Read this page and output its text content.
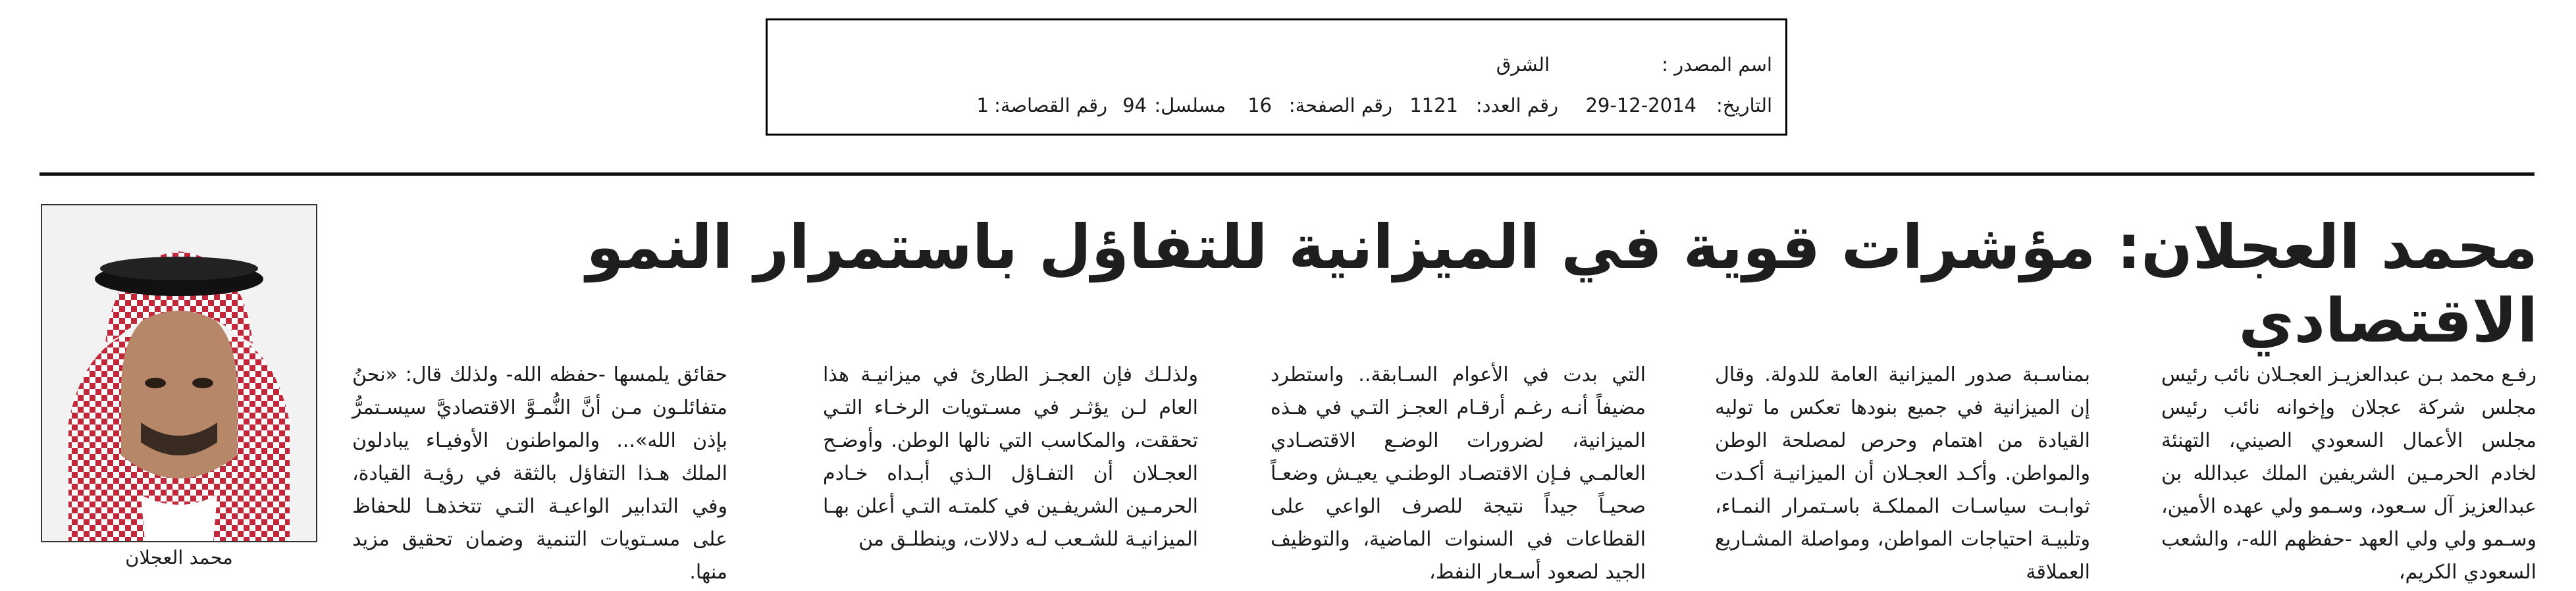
اسم المصدر :
الشرق
التاريخ:
29-12-2014
رقم العدد:
1121
رقم الصفحة:
16
مسلسل:
94
رقم القصاصة:
1
محمد العجلان: مؤشرات قوية في الميزانية للتفاؤل باستمرار النمو الاقتصادي
محمد العجلان

رفـع محمد بـن عبدالعزيـز العجـلان نائب رئيس مجلس شركة عجلان وإخوانه نائب رئيس مجلس الأعمال السعودي الصيني، التهنئة لخادم الحرمـين الشريفين الملك عبدالله بن عبدالعزيز آل سـعود، وسـمو ولي عهده الأمين، وسـمو ولي ولي العهد -حفظهم الله-، والشعب السعودي الكريم،

بمناسـبة صدور الميزانية العامة للدولة. وقال إن الميزانية في جميع بنودها تعكس ما توليه القيادة من اهتمام وحرص لمصلحة الوطن والمواطن. وأكـد العجـلان أن الميزانيـة أكـدت ثوابـت سياسـات المملكـة باسـتمرار النمـاء، وتلبيـة احتياجات المواطن، ومواصلة المشـاريع العملاقة

التي بدت في الأعوام السـابقة.. واستطرد مضيفاً أنـه رغـم أرقـام العجـز التـي في هـذه الميزانية، لضرورات الوضـع الاقتصـادي العالمـي فـإن الاقتصـاد الوطنـي يعيـش وضعـاً صحيـاً جيداً نتيجة للصرف الواعي على القطاعات في السنوات الماضية، والتوظيف الجيد لصعود أسـعار النفط،

ولذلـك فإن العجـز الطارئ في ميزانيـة هذا العام لـن يؤثـر في مسـتويات الرخـاء التـي تحققت، والمكاسب التي نالها الوطن. وأوضـح العجـلان أن التفـاؤل الـذي أبـداه خـادم الحرمـين الشريفـين في كلمتـه التـي أعلن بهـا الميزانيـة للشـعب لـه دلالات، وينطلـق من

حقائق يلمسها -حفظه الله- ولذلك قال: «نحنُ متفائلـون مـن أنَّ النُّمـوَّ الاقتصاديَّ سيسـتمرُّ بإذن الله»... والمواطنون الأوفيـاء يبادلون الملك هـذا التفاؤل بالثقة في رؤيـة القيادة، وفي التدابير الواعيـة التـي تتخذهـا للحفاظ على مسـتويات التنمية وضمان تحقيق مزيد منها.
